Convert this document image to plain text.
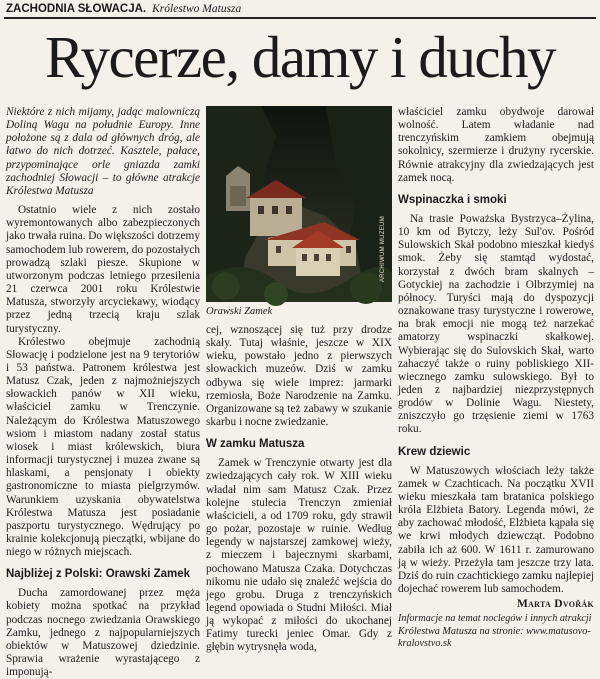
ZACHODNIA SŁOWACJA. Królestwo Matusza
Rycerze, damy i duchy

Niektóre z nich mijamy, jadąc malowniczą Doliną Wagu na południe Europy. Inne położone są z dala od głównych dróg, ale łatwo do nich dotrzeć. Kasztele, pałace, przypominające orle gniazda zamki zachodniej Słowacji – to główne atrakcje Królestwa Matusza

Ostatnio wiele z nich zostało wyremontowanych albo zabezpieczonych jako trwała ruina. Do większości dotrzemy samochodem lub rowerem, do pozostałych prowadzą szlaki piesze. Skupione w utworzonym podczas letniego przesilenia 21 czerwca 2001 roku Królestwie Matusza, stworzyły arcyciekawy, wiodący przez jedną trzecią kraju szlak turystyczny.

Królestwo obejmuje zachodnią Słowację i podzielone jest na 9 terytoriów i 53 państwa. Patronem królestwa jest Matusz Czak, jeden z najmożniejszych słowackich panów w XII wieku, właściciel zamku w Trenczynie. Należącym do Królestwa Matuszowego wsiom i miastom nadany został status wiosek i miast królewskich, biura informacji turystycznej i muzea zwane są hlaskami, a pensjonaty i obiekty gastronomiczne to miasta pielgrzymów. Warunkiem uzyskania obywatelstwa Królestwa Matusza jest posiadanie paszportu turystycznego. Wędrujący po krainie kolekcjonują pieczątki, wbijane do niego w różnych miejscach.

Najbliżej z Polski: Orawski Zamek

Ducha zamordowanej przez męża kobiety można spotkać na przykład podczas nocnego zwiedzania Orawskiego Zamku, jednego z najpopularniejszych obiektów w Matuszowej dziedzinie. Sprawia wrażenie wyrastającego z imponują-

ARCHIWUM MUZEUM
Orawski Zamek

cej, wznoszącej się tuż przy drodze skały. Tutaj właśnie, jeszcze w XIX wieku, powstało jedno z pierwszych słowackich muzeów. Dziś w zamku odbywa się wiele imprez: jarmarki rzemiosła, Boże Narodzenie na Zamku. Organizowane są też zabawy w szukanie skarbu i nocne zwiedzanie.

W zamku Matusza

Zamek w Trenczynie otwarty jest dla zwiedzających cały rok. W XIII wieku władał nim sam Matusz Czak. Przez kolejne stulecia Trenczyn zmieniał właścicieli, a od 1709 roku, gdy strawił go pożar, pozostaje w ruinie. Według legendy w najstarszej zamkowej wieży, z mieczem i bajecznymi skarbami, pochowano Matusza Czaka. Dotychczas nikomu nie udało się znaleźć wejścia do jego grobu. Druga z trenczyńskich legend opowiada o Studni Miłości. Miał ją wykopać z miłości do ukochanej Fatimy turecki jeniec Omar. Gdy z głębin wytrysnęła woda,

właściciel zamku obydwoje darował wolność. Latem władanie nad trenczyńskim zamkiem obejmują sokolnicy, szermierze i drużyny rycerskie. Równie atrakcyjny dla zwiedzających jest zamek nocą.

Wspinaczka i smoki

Na trasie Poważska Bystrzyca–Żylina, 10 km od Bytczy, leży Sul'ov. Pośród Sulowskich Skał podobno mieszkał kiedyś smok. Żeby się stamtąd wydostać, korzystał z dwóch bram skalnych – Gotyckiej na zachodzie i Olbrzymiej na północy. Turyści mają do dyspozycji oznakowane trasy turystyczne i rowerowe, na brak emocji nie mogą też narzekać amatorzy wspinaczki skałkowej. Wybierając się do Sulovskich Skał, warto zahaczyć także o ruiny pobliskiego XII-wiecznego zamku sulowskiego. Był to jeden z najbardziej niezprzystępnych grodów w Dolinie Wagu. Niestety, zniszczyło go trzęsienie ziemi w 1763 roku.

Krew dziewic

W Matuszowych włościach leży także zamek w Czachticach. Na początku XVII wieku mieszkała tam bratanica polskiego króla Elżbieta Batory. Legenda mówi, że aby zachować młodość, Elżbieta kąpała się we krwi młodych dziewcząt. Podobno zabiła ich aż 600. W 1611 r. zamurowano ją w wieży. Przeżyła tam jeszcze trzy lata. Dziś do ruin czachtickiego zamku najlepiej dojechać rowerem lub samochodem.

Marta Dvořák
Informacje na temat noclegów i innych atrakcji Królestwa Matusza na stronie: www.matusovo-kralovstvo.sk
